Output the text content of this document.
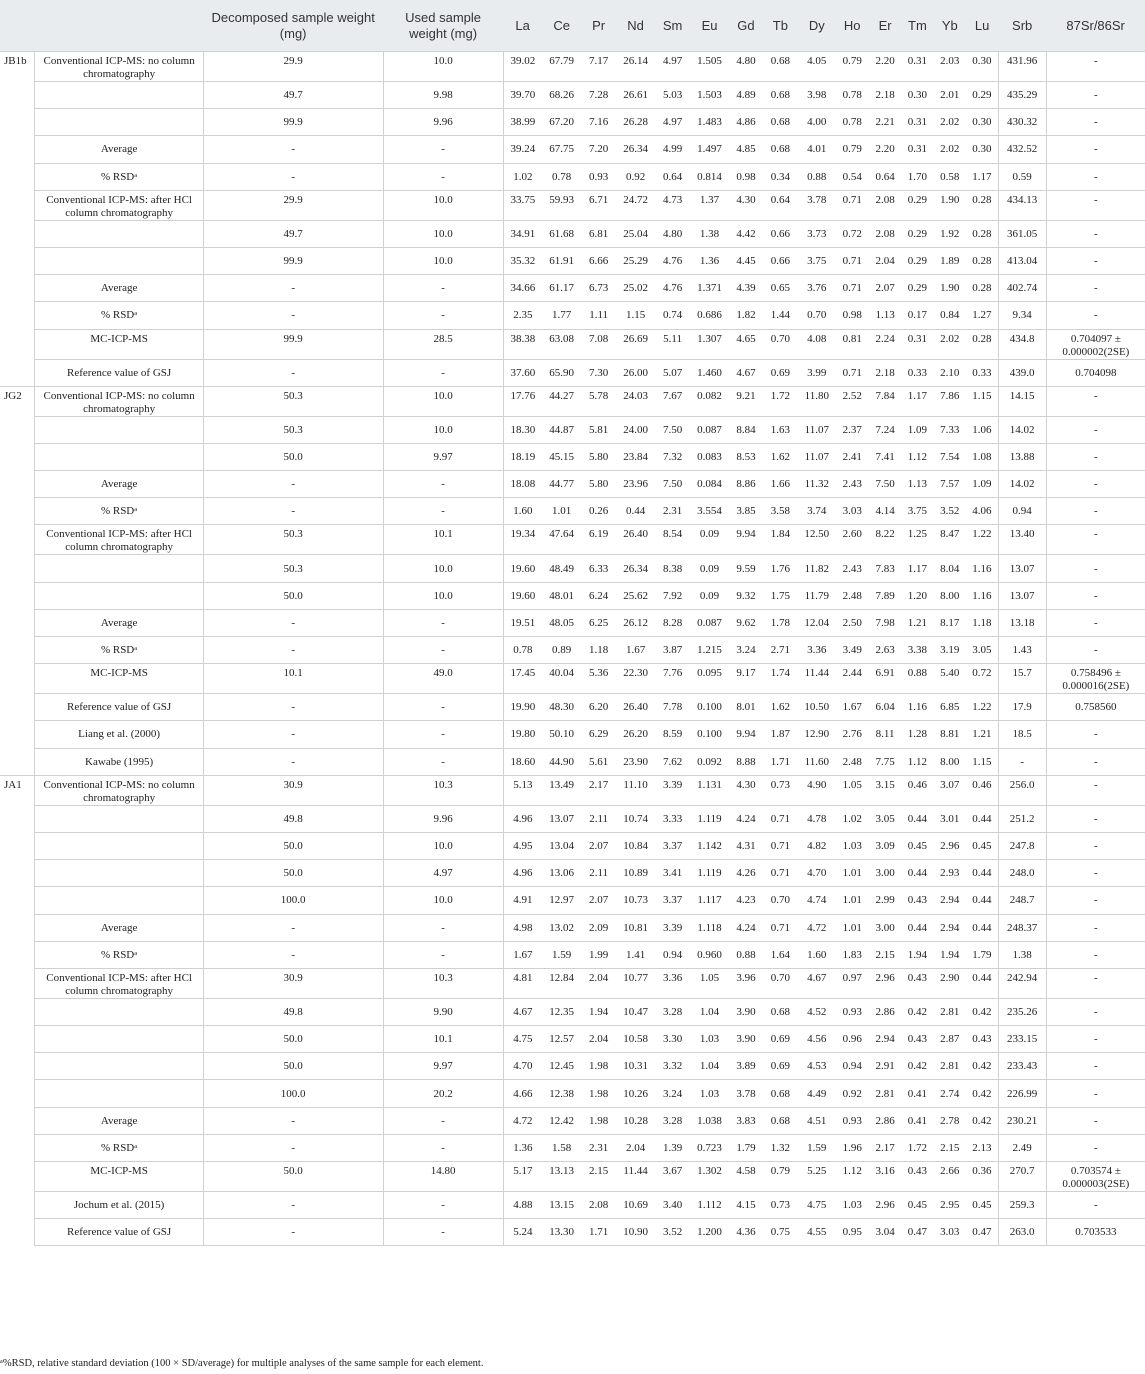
		Decomposed sample weight (mg)	Used sample weight (mg)	La	Ce	Pr	Nd	Sm	Eu	Gd	Tb	Dy	Ho	Er	Tm	Yb	Lu	Srb	87Sr/86Sr
JB1b	Conventional ICP-MS: no column chromatography	29.9	10.0	39.02	67.79	7.17	26.14	4.97	1.505	4.80	0.68	4.05	0.79	2.20	0.31	2.03	0.30	431.96	-
		49.7	9.98	39.70	68.26	7.28	26.61	5.03	1.503	4.89	0.68	3.98	0.78	2.18	0.30	2.01	0.29	435.29	-
		99.9	9.96	38.99	67.20	7.16	26.28	4.97	1.483	4.86	0.68	4.00	0.78	2.21	0.31	2.02	0.30	430.32	-
	Average	-	-	39.24	67.75	7.20	26.34	4.99	1.497	4.85	0.68	4.01	0.79	2.20	0.31	2.02	0.30	432.52	-
	% RSDᵃ	-	-	1.02	0.78	0.93	0.92	0.64	0.814	0.98	0.34	0.88	0.54	0.64	1.70	0.58	1.17	0.59	-
	Conventional ICP-MS: after HCl column chromatography	29.9	10.0	33.75	59.93	6.71	24.72	4.73	1.37	4.30	0.64	3.78	0.71	2.08	0.29	1.90	0.28	434.13	-
		49.7	10.0	34.91	61.68	6.81	25.04	4.80	1.38	4.42	0.66	3.73	0.72	2.08	0.29	1.92	0.28	361.05	-
		99.9	10.0	35.32	61.91	6.66	25.29	4.76	1.36	4.45	0.66	3.75	0.71	2.04	0.29	1.89	0.28	413.04	-
	Average	-	-	34.66	61.17	6.73	25.02	4.76	1.371	4.39	0.65	3.76	0.71	2.07	0.29	1.90	0.28	402.74	-
	% RSDᵃ	-	-	2.35	1.77	1.11	1.15	0.74	0.686	1.82	1.44	0.70	0.98	1.13	0.17	0.84	1.27	9.34	-
	MC-ICP-MS	99.9	28.5	38.38	63.08	7.08	26.69	5.11	1.307	4.65	0.70	4.08	0.81	2.24	0.31	2.02	0.28	434.8	0.704097 ± 0.000002(2SE)
	Reference value of GSJ	-	-	37.60	65.90	7.30	26.00	5.07	1.460	4.67	0.69	3.99	0.71	2.18	0.33	2.10	0.33	439.0	0.704098
JG2	Conventional ICP-MS: no column chromatography	50.3	10.0	17.76	44.27	5.78	24.03	7.67	0.082	9.21	1.72	11.80	2.52	7.84	1.17	7.86	1.15	14.15	-
		50.3	10.0	18.30	44.87	5.81	24.00	7.50	0.087	8.84	1.63	11.07	2.37	7.24	1.09	7.33	1.06	14.02	-
		50.0	9.97	18.19	45.15	5.80	23.84	7.32	0.083	8.53	1.62	11.07	2.41	7.41	1.12	7.54	1.08	13.88	-
	Average	-	-	18.08	44.77	5.80	23.96	7.50	0.084	8.86	1.66	11.32	2.43	7.50	1.13	7.57	1.09	14.02	-
	% RSDᵃ	-	-	1.60	1.01	0.26	0.44	2.31	3.554	3.85	3.58	3.74	3.03	4.14	3.75	3.52	4.06	0.94	-
	Conventional ICP-MS: after HCl column chromatography	50.3	10.1	19.34	47.64	6.19	26.40	8.54	0.09	9.94	1.84	12.50	2.60	8.22	1.25	8.47	1.22	13.40	-
		50.3	10.0	19.60	48.49	6.33	26.34	8.38	0.09	9.59	1.76	11.82	2.43	7.83	1.17	8.04	1.16	13.07	-
		50.0	10.0	19.60	48.01	6.24	25.62	7.92	0.09	9.32	1.75	11.79	2.48	7.89	1.20	8.00	1.16	13.07	-
	Average	-	-	19.51	48.05	6.25	26.12	8.28	0.087	9.62	1.78	12.04	2.50	7.98	1.21	8.17	1.18	13.18	-
	% RSDᵃ	-	-	0.78	0.89	1.18	1.67	3.87	1.215	3.24	2.71	3.36	3.49	2.63	3.38	3.19	3.05	1.43	-
	MC-ICP-MS	10.1	49.0	17.45	40.04	5.36	22.30	7.76	0.095	9.17	1.74	11.44	2.44	6.91	0.88	5.40	0.72	15.7	0.758496 ± 0.000016(2SE)
	Reference value of GSJ	-	-	19.90	48.30	6.20	26.40	7.78	0.100	8.01	1.62	10.50	1.67	6.04	1.16	6.85	1.22	17.9	0.758560
	Liang et al. (2000)	-	-	19.80	50.10	6.29	26.20	8.59	0.100	9.94	1.87	12.90	2.76	8.11	1.28	8.81	1.21	18.5	-
	Kawabe (1995)	-	-	18.60	44.90	5.61	23.90	7.62	0.092	8.88	1.71	11.60	2.48	7.75	1.12	8.00	1.15	-	-
JA1	Conventional ICP-MS: no column chromatography	30.9	10.3	5.13	13.49	2.17	11.10	3.39	1.131	4.30	0.73	4.90	1.05	3.15	0.46	3.07	0.46	256.0	-
		49.8	9.96	4.96	13.07	2.11	10.74	3.33	1.119	4.24	0.71	4.78	1.02	3.05	0.44	3.01	0.44	251.2	-
		50.0	10.0	4.95	13.04	2.07	10.84	3.37	1.142	4.31	0.71	4.82	1.03	3.09	0.45	2.96	0.45	247.8	-
		50.0	4.97	4.96	13.06	2.11	10.89	3.41	1.119	4.26	0.71	4.70	1.01	3.00	0.44	2.93	0.44	248.0	-
		100.0	10.0	4.91	12.97	2.07	10.73	3.37	1.117	4.23	0.70	4.74	1.01	2.99	0.43	2.94	0.44	248.7	-
	Average	-	-	4.98	13.02	2.09	10.81	3.39	1.118	4.24	0.71	4.72	1.01	3.00	0.44	2.94	0.44	248.37	-
	% RSDᵃ	-	-	1.67	1.59	1.99	1.41	0.94	0.960	0.88	1.64	1.60	1.83	2.15	1.94	1.94	1.79	1.38	-
	Conventional ICP-MS: after HCl column chromatography	30.9	10.3	4.81	12.84	2.04	10.77	3.36	1.05	3.96	0.70	4.67	0.97	2.96	0.43	2.90	0.44	242.94	-
		49.8	9.90	4.67	12.35	1.94	10.47	3.28	1.04	3.90	0.68	4.52	0.93	2.86	0.42	2.81	0.42	235.26	-
		50.0	10.1	4.75	12.57	2.04	10.58	3.30	1.03	3.90	0.69	4.56	0.96	2.94	0.43	2.87	0.43	233.15	-
		50.0	9.97	4.70	12.45	1.98	10.31	3.32	1.04	3.89	0.69	4.53	0.94	2.91	0.42	2.81	0.42	233.43	-
		100.0	20.2	4.66	12.38	1.98	10.26	3.24	1.03	3.78	0.68	4.49	0.92	2.81	0.41	2.74	0.42	226.99	-
	Average	-	-	4.72	12.42	1.98	10.28	3.28	1.038	3.83	0.68	4.51	0.93	2.86	0.41	2.78	0.42	230.21	-
	% RSDᵃ	-	-	1.36	1.58	2.31	2.04	1.39	0.723	1.79	1.32	1.59	1.96	2.17	1.72	2.15	2.13	2.49	-
	MC-ICP-MS	50.0	14.80	5.17	13.13	2.15	11.44	3.67	1.302	4.58	0.79	5.25	1.12	3.16	0.43	2.66	0.36	270.7	0.703574 ± 0.000003(2SE)
	Jochum et al. (2015)	-	-	4.88	13.15	2.08	10.69	3.40	1.112	4.15	0.73	4.75	1.03	2.96	0.45	2.95	0.45	259.3	-
	Reference value of GSJ	-	-	5.24	13.30	1.71	10.90	3.52	1.200	4.36	0.75	4.55	0.95	3.04	0.47	3.03	0.47	263.0	0.703533
ᵃ%RSD, relative standard deviation (100 × SD/average) for multiple analyses of the same sample for each element.
